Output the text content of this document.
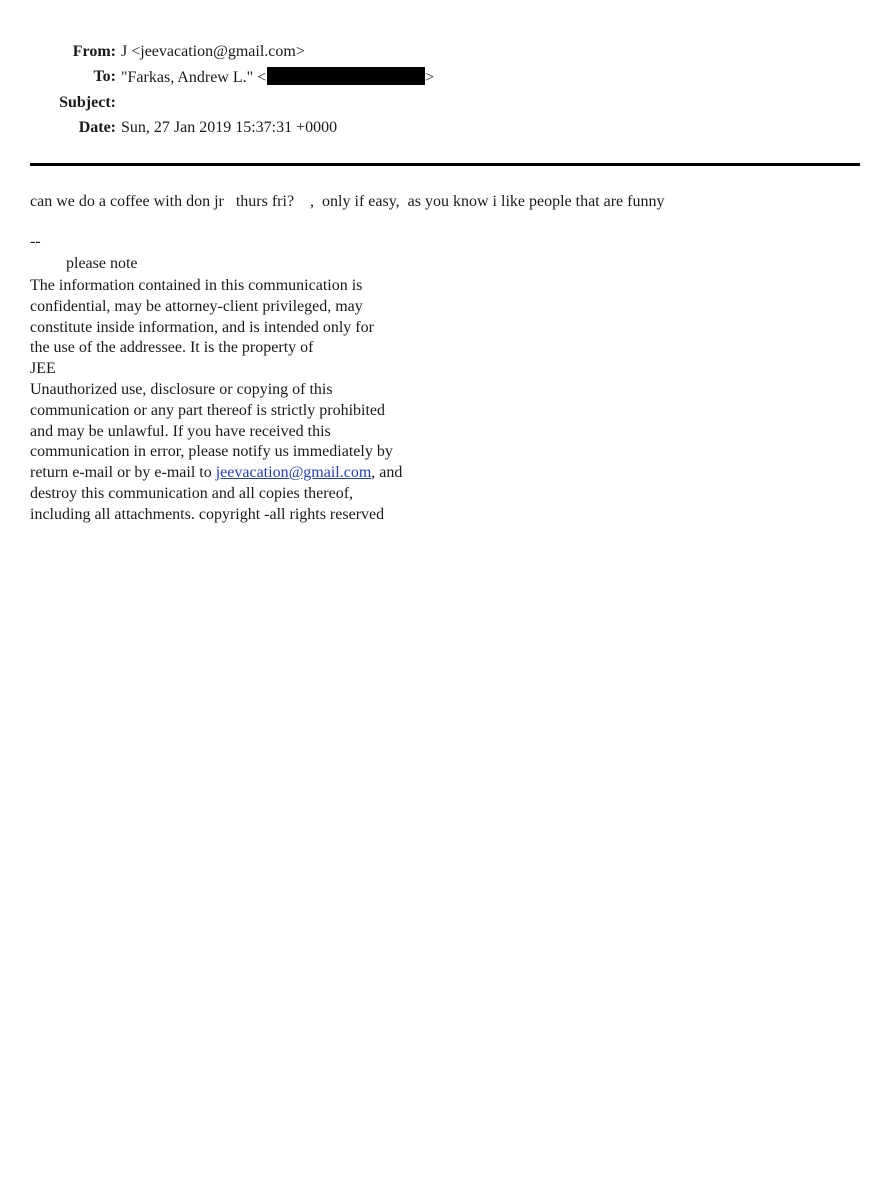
From: J <jeevacation@gmail.com>
To: "Farkas, Andrew L." <	>
Subject:
Date: Sun, 27 Jan 2019 15:37:31 +0000
can we do a coffee with don jr   thurs fri?    ,  only if easy,  as you know i like people that are funny
--
please note
The information contained in this communication is
confidential, may be attorney-client privileged, may
constitute inside information, and is intended only for
the use of the addressee. It is the property of
JEE
Unauthorized use, disclosure or copying of this
communication or any part thereof is strictly prohibited
and may be unlawful. If you have received this
communication in error, please notify us immediately by
return e-mail or by e-mail to jeevacation@gmail.com, and
destroy this communication and all copies thereof,
including all attachments. copyright -all rights reserved
